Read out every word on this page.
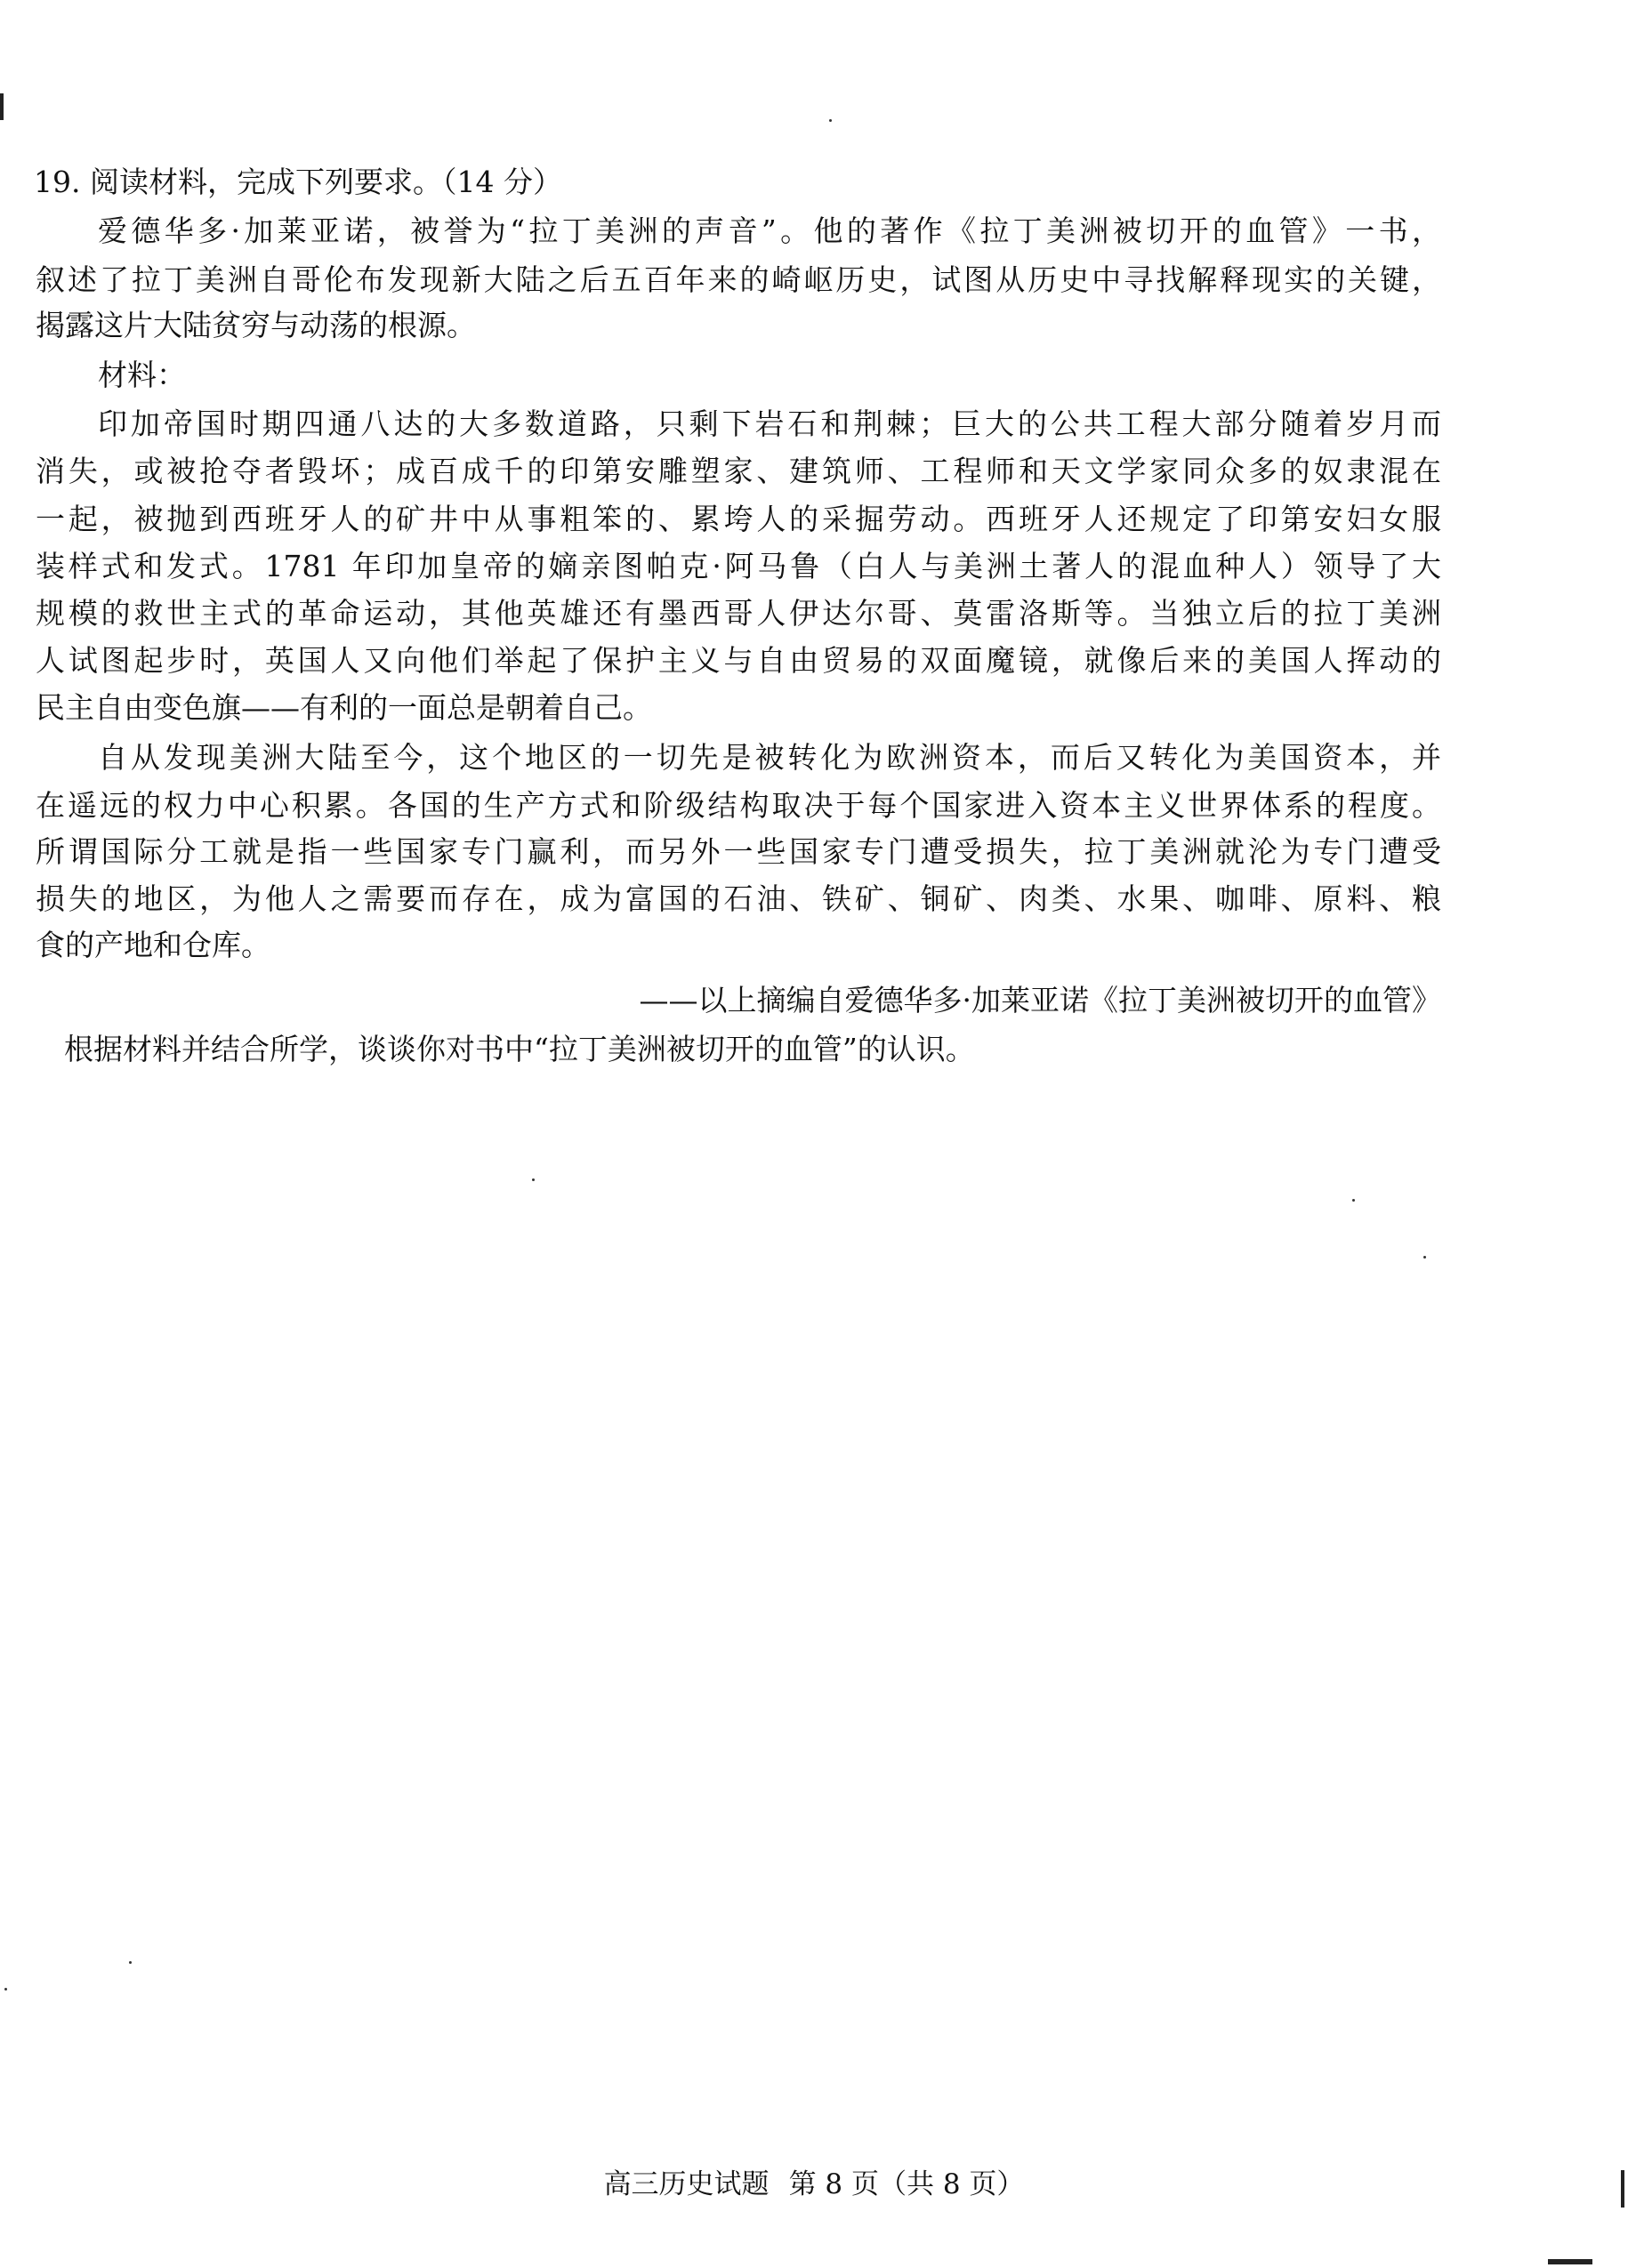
19. 阅读材料，完成下列要求。（14 分）
爱德华多·加莱亚诺，被誉为“拉丁美洲的声音”。他的著作《拉丁美洲被切开的血管》一书，
叙述了拉丁美洲自哥伦布发现新大陆之后五百年来的崎岖历史，试图从历史中寻找解释现实的关键，
揭露这片大陆贫穷与动荡的根源。
材料：
印加帝国时期四通八达的大多数道路，只剩下岩石和荆棘；巨大的公共工程大部分随着岁月而
消失，或被抢夺者毁坏；成百成千的印第安雕塑家、建筑师、工程师和天文学家同众多的奴隶混在
一起，被抛到西班牙人的矿井中从事粗笨的、累垮人的采掘劳动。西班牙人还规定了印第安妇女服
装样式和发式。1781 年印加皇帝的嫡亲图帕克·阿马鲁（白人与美洲土著人的混血种人）领导了大
规模的救世主式的革命运动，其他英雄还有墨西哥人伊达尔哥、莫雷洛斯等。当独立后的拉丁美洲
人试图起步时，英国人又向他们举起了保护主义与自由贸易的双面魔镜，就像后来的美国人挥动的
民主自由变色旗——有利的一面总是朝着自己。
自从发现美洲大陆至今，这个地区的一切先是被转化为欧洲资本，而后又转化为美国资本，并
在遥远的权力中心积累。各国的生产方式和阶级结构取决于每个国家进入资本主义世界体系的程度。
所谓国际分工就是指一些国家专门赢利，而另外一些国家专门遭受损失，拉丁美洲就沦为专门遭受
损失的地区，为他人之需要而存在，成为富国的石油、铁矿、铜矿、肉类、水果、咖啡、原料、粮
食的产地和仓库。
——以上摘编自爱德华多·加莱亚诺《拉丁美洲被切开的血管》
根据材料并结合所学，谈谈你对书中“拉丁美洲被切开的血管”的认识。
高三历史试题 第 8 页（共 8 页）
